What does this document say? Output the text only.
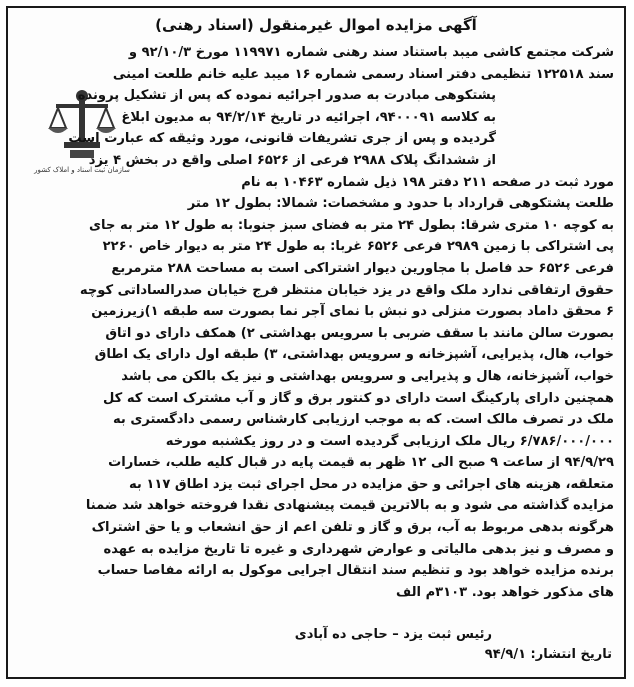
آگهی مزایده اموال غیرمنقول (اسناد رهنی)
سازمان ثبت اسناد و املاک کشور
شرکت مجتمع کاشی میبد باستناد سند رهنی شماره ۱۱۹۹۷۱ مورخ ۹۲/۱۰/۳ و
سند ۱۲۲۵۱۸ تنظیمی دفتر اسناد رسمی شماره ۱۶ میبد علیه خانم طلعت امینی
پشتکوهی مبادرت به صدور اجرائیه نموده که پس از تشکیل پرونده
به کلاسه ۹۴۰۰۰۹۱، اجرائیه در تاریخ ۹۴/۲/۱۴ به مدیون ابلاغ
گردیده و پس از جری تشریفات قانونی، مورد وثیقه که عبارت است
از ششدانگ پلاک ۲۹۸۸ فرعی از ۶۵۲۶ اصلی واقع در بخش ۴ یزد
مورد ثبت در صفحه ۲۱۱ دفتر ۱۹۸ ذیل شماره ۱۰۴۶۳ به نام
طلعت پشتکوهی قرارداد با حدود و مشخصات: شمالا: بطول ۱۲ متر
به کوچه ۱۰ متری شرقا: بطول ۲۴ متر به فضای سبز جنوبا: به طول ۱۲ متر به جای
پی اشتراکی با زمین ۲۹۸۹ فرعی ۶۵۲۶ غربا: به طول ۲۴ متر به دیوار خاص ۲۲۶۰
فرعی ۶۵۲۶ حد فاصل با مجاورین دیوار اشتراکی است به مساحت ۲۸۸ مترمربع
حقوق ارتفاقی ندارد ملک واقع در یزد خیابان منتظر فرج خیابان صدرالساداتی کوچه
۶ محقق داماد بصورت منزلی دو نبش با نمای آجر نما بصورت سه طبقه ۱)زیرزمین
بصورت سالن مانند با سقف ضربی با سرویس بهداشتی ۲) همکف دارای دو اتاق
خواب، هال، پذیرایی، آشپزخانه و سرویس بهداشتی، ۳) طبقه اول دارای یک اطاق
خواب، آشپزخانه، هال و پذیرایی و سرویس بهداشتی و نیز یک بالکن می باشد
همچنین دارای پارکینگ است دارای دو کنتور برق و گاز و آب مشترک است که کل
ملک در تصرف مالک است. که به موجب ارزیابی کارشناس رسمی دادگستری به
۶/۷۸۶/۰۰۰/۰۰۰ ریال ملک ارزیابی گردیده است و در روز یکشنبه مورخه
۹۴/۹/۲۹ از ساعت ۹ صبح الی ۱۲ ظهر به قیمت پایه در قبال کلیه طلب، خسارات
متعلقه، هزینه های اجرائی و حق مزایده در محل اجرای ثبت یزد اطاق ۱۱۷ به
مزایده گذاشته می شود و به بالاترین قیمت پیشنهادی نقدا فروخته خواهد شد ضمنا
هرگونه بدهی مربوط به آب، برق و گاز و تلفن اعم از حق انشعاب و یا حق اشتراک
و مصرف و نیز بدهی مالیاتی و عوارض شهرداری و غیره تا تاریخ مزایده به عهده
برنده مزایده خواهد بود و تنظیم سند انتقال اجرایی موکول به ارائه مفاصا حساب
های مذکور خواهد بود. ۳۱۰۳م الف
رئیس ثبت یزد – حاجی ده آبادی
تاریخ انتشار: ۹۴/۹/۱
